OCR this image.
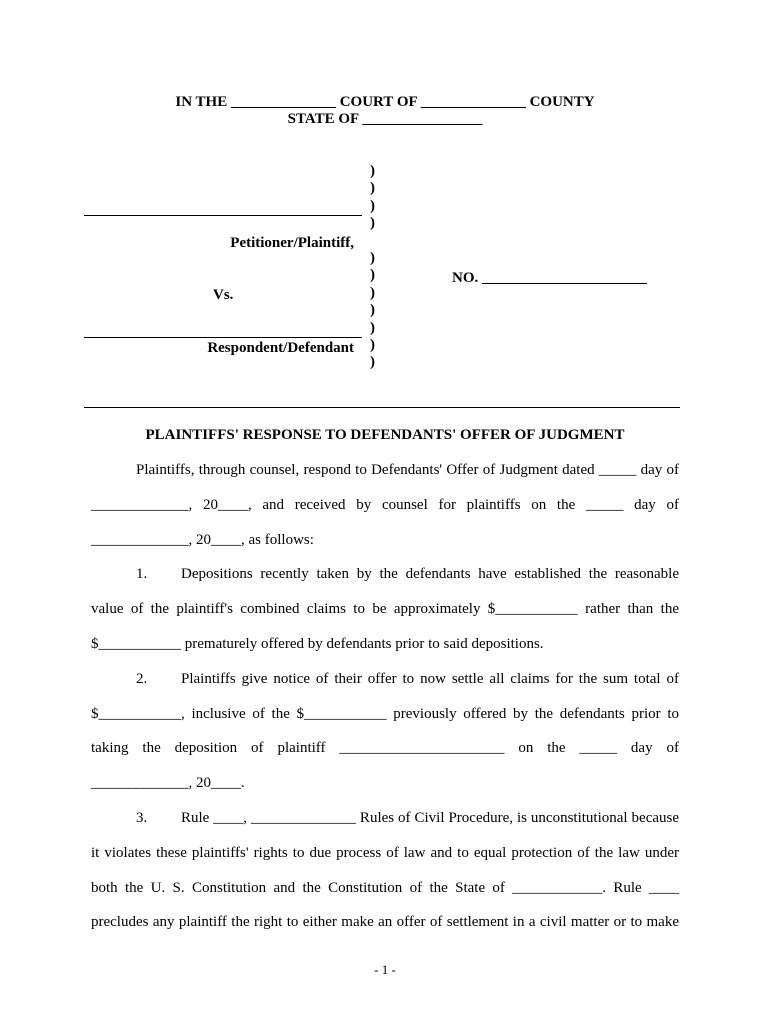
IN THE ______________ COURT OF ______________ COUNTY
STATE OF ________________
)
)
)
)

)
)
)
)
)
)
)
Petitioner/Plaintiff,
Vs.
Respondent/Defendant
NO. ______________________
PLAINTIFFS' RESPONSE TO DEFENDANTS' OFFER OF JUDGMENT

Plaintiffs, through counsel, respond to Defendants' Offer of Judgment dated _____ day of

_____________, 20____, and received by counsel for plaintiffs on the _____ day of

_____________, 20____, as follows:

1. Depositions recently taken by the defendants have established the reasonable value of the plaintiff's combined claims to be approximately $___________ rather than the $___________ prematurely offered by defendants prior to said depositions.

2. Plaintiffs give notice of their offer to now settle all claims for the sum total of $___________, inclusive of the $___________ previously offered by the defendants prior to taking the deposition of plaintiff ______________________ on the _____ day of _____________, 20____.

3. Rule ____, ______________ Rules of Civil Procedure, is unconstitutional because it violates these plaintiffs' rights to due process of law and to equal protection of the law under both the U. S. Constitution and the Constitution of the State of ____________. Rule ____ precludes any plaintiff the right to either make an offer of settlement in a civil matter or to make

- 1 -
